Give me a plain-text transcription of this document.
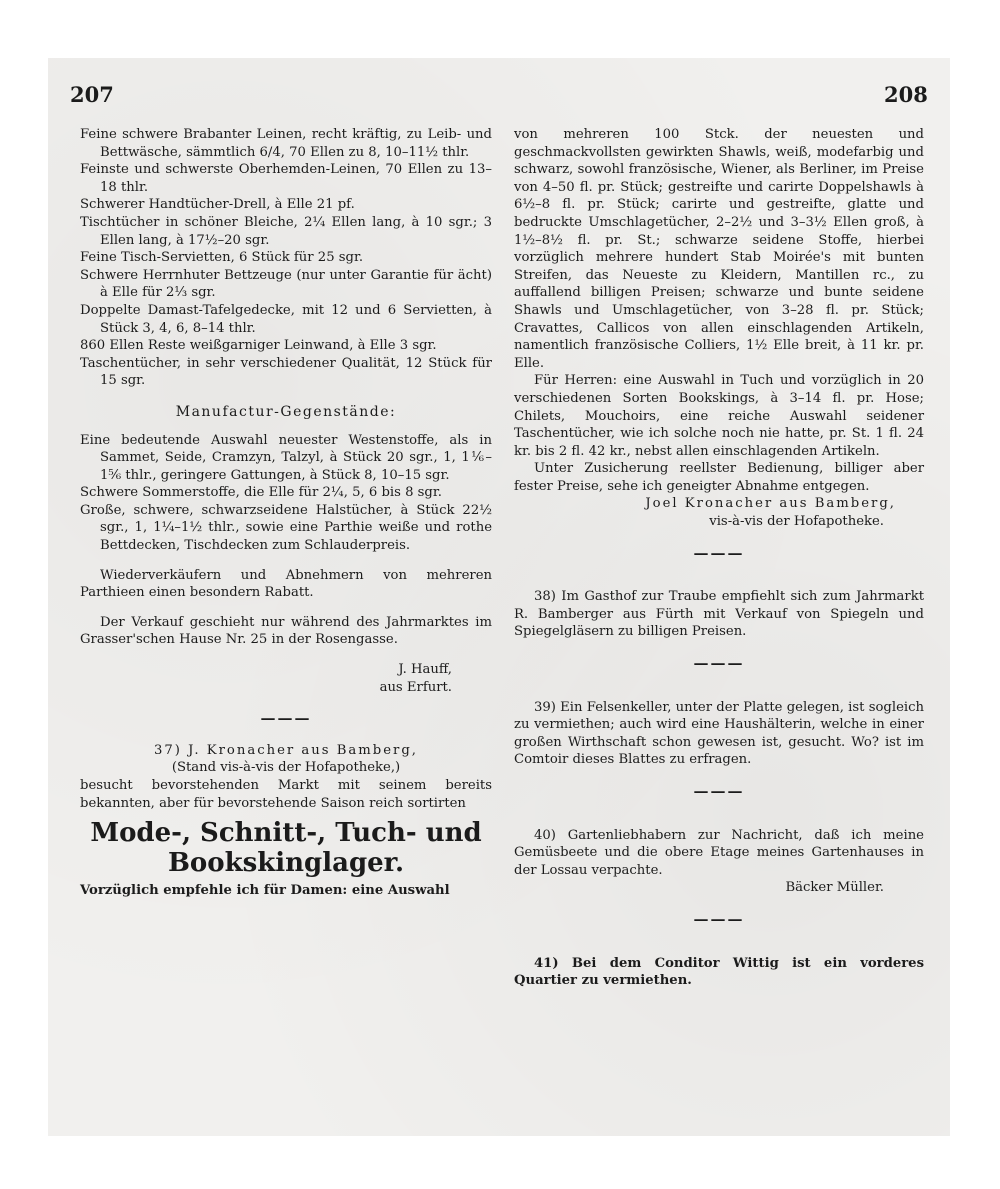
207	208

Feine schwere Brabanter Leinen, recht kräftig, zu Leib- und Bettwäsche, sämmtlich 6/4, 70 Ellen zu 8, 10–11½ thlr.

Feinste und schwerste Oberhemden-Leinen, 70 Ellen zu 13–18 thlr.

Schwerer Handtücher-Drell, à Elle 21 pf.

Tischtücher in schöner Bleiche, 2¼ Ellen lang, à 10 sgr.; 3 Ellen lang, à 17½–20 sgr.

Feine Tisch-Servietten, 6 Stück für 25 sgr.

Schwere Herrnhuter Bettzeuge (nur unter Garantie für ächt) à Elle für 2⅓ sgr.

Doppelte Damast-Tafelgedecke, mit 12 und 6 Servietten, à Stück 3, 4, 6, 8–14 thlr.

860 Ellen Reste weißgarniger Leinwand, à Elle 3 sgr.

Taschentücher, in sehr verschiedener Qualität, 12 Stück für 15 sgr.

Manufactur-Gegenstände:

Eine bedeutende Auswahl neuester Westenstoffe, als in Sammet, Seide, Cramzyn, Talzyl, à Stück 20 sgr., 1, 1⅙–1⅚ thlr., geringere Gattungen, à Stück 8, 10–15 sgr.

Schwere Sommerstoffe, die Elle für 2¼, 5, 6 bis 8 sgr.

Große, schwere, schwarzseidene Halstücher, à Stück 22½ sgr., 1, 1¼–1½ thlr., sowie eine Parthie weiße und rothe Bettdecken, Tischdecken zum Schlauderpreis.

Wiederverkäufern und Abnehmern von mehreren Parthieen einen besondern Rabatt.

Der Verkauf geschieht nur während des Jahrmarktes im Grasser'schen Hause Nr. 25 in der Rosengasse.

J. Hauff,

aus Erfurt.

———

37) J. Kronacher aus Bamberg,

(Stand vis-à-vis der Hofapotheke,)

besucht bevorstehenden Markt mit seinem bereits bekannten, aber für bevorstehende Saison reich sortirten

Mode-, Schnitt-, Tuch- und Bookskinglager.

Vorzüglich empfehle ich für Damen: eine Auswahl

von mehreren 100 Stck. der neuesten und geschmackvollsten gewirkten Shawls, weiß, modefarbig und schwarz, sowohl französische, Wiener, als Berliner, im Preise von 4–50 fl. pr. Stück; gestreifte und carirte Doppelshawls à 6½–8 fl. pr. Stück; carirte und gestreifte, glatte und bedruckte Umschlagetücher, 2–2½ und 3–3½ Ellen groß, à 1½–8½ fl. pr. St.; schwarze seidene Stoffe, hierbei vorzüglich mehrere hundert Stab Moirée's mit bunten Streifen, das Neueste zu Kleidern, Mantillen rc., zu auffallend billigen Preisen; schwarze und bunte seidene Shawls und Umschlagetücher, von 3–28 fl. pr. Stück; Cravattes, Callicos von allen einschlagenden Artikeln, namentlich französische Colliers, 1½ Elle breit, à 11 kr. pr. Elle.

Für Herren: eine Auswahl in Tuch und vorzüglich in 20 verschiedenen Sorten Bookskings, à 3–14 fl. pr. Hose; Chilets, Mouchoirs, eine reiche Auswahl seidener Taschentücher, wie ich solche noch nie hatte, pr. St. 1 fl. 24 kr. bis 2 fl. 42 kr., nebst allen einschlagenden Artikeln.

Unter Zusicherung reellster Bedienung, billiger aber fester Preise, sehe ich geneigter Abnahme entgegen.

Joel Kronacher aus Bamberg,

vis-à-vis der Hofapotheke.

———

38) Im Gasthof zur Traube empfiehlt sich zum Jahrmarkt R. Bamberger aus Fürth mit Verkauf von Spiegeln und Spiegelgläsern zu billigen Preisen.

———

39) Ein Felsenkeller, unter der Platte gelegen, ist sogleich zu vermiethen; auch wird eine Haushälterin, welche in einer großen Wirthschaft schon gewesen ist, gesucht. Wo? ist im Comtoir dieses Blattes zu erfragen.

———

40) Gartenliebhabern zur Nachricht, daß ich meine Gemüsbeete und die obere Etage meines Gartenhauses in der Lossau verpachte.

Bäcker Müller.

———

41) Bei dem Conditor Wittig ist ein vorderes Quartier zu vermiethen.
